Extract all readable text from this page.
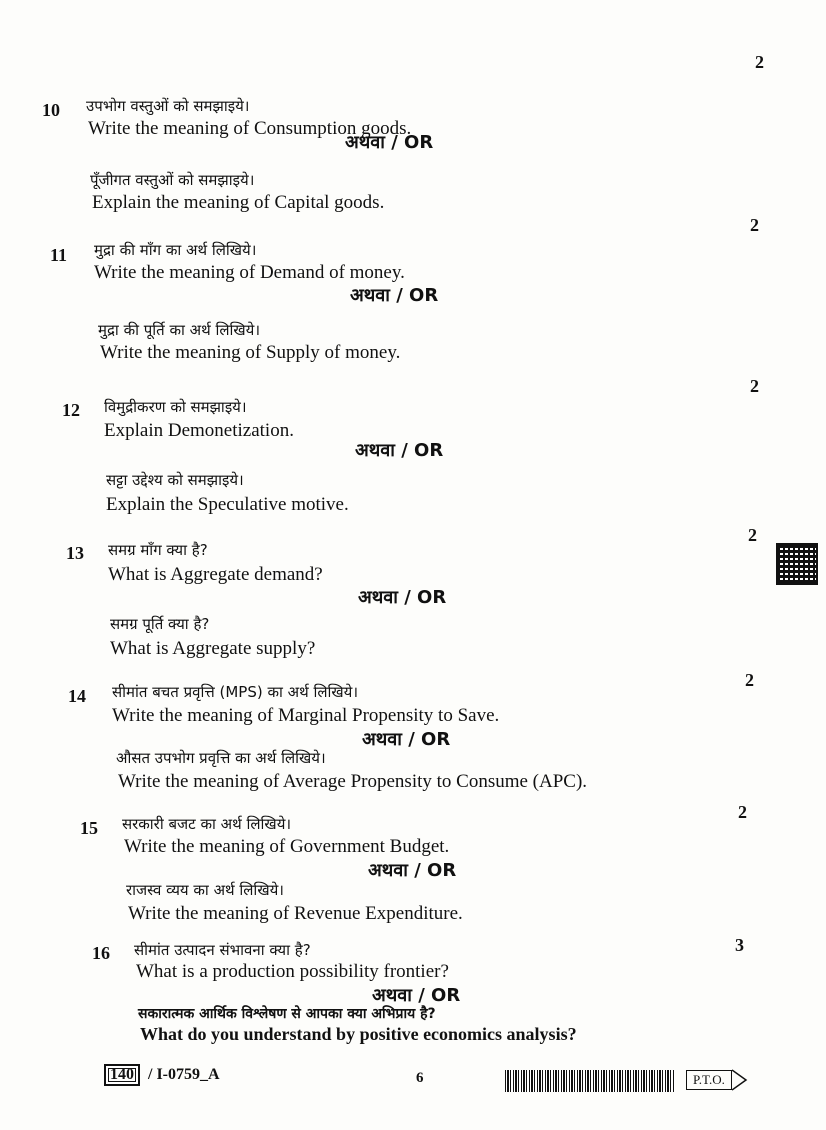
2
10 उपभोग वस्तुओं को समझाइये।
Write the meaning of Consumption goods.
अथवा / OR
पूँजीगत वस्तुओं को समझाइये।
Explain the meaning of Capital goods.
2
11 मुद्रा की माँग का अर्थ लिखिये।
Write the meaning of Demand of money.
अथवा / OR
मुद्रा की पूर्ति का अर्थ लिखिये।
Write the meaning of Supply of money.
2
12 विमुद्रीकरण को समझाइये।
Explain Demonetization.
अथवा / OR
सट्टा उद्देश्य को समझाइये।
Explain the Speculative motive.
2
13 समग्र माँग क्या है?
What is Aggregate demand?
अथवा / OR
समग्र पूर्ति क्या है?
What is Aggregate supply?
2
14 सीमांत बचत प्रवृत्ति (MPS) का अर्थ लिखिये।
Write the meaning of Marginal Propensity to Save.
अथवा / OR
औसत उपभोग प्रवृत्ति का अर्थ लिखिये।
Write the meaning of Average Propensity to Consume (APC).
2
15 सरकारी बजट का अर्थ लिखिये।
Write the meaning of Government Budget.
अथवा / OR
राजस्व व्यय का अर्थ लिखिये।
Write the meaning of Revenue Expenditure.
3
16 सीमांत उत्पादन संभावना क्या है?
What is a production possibility frontier?
अथवा / OR
सकारात्मक आर्थिक विश्लेषण से आपका क्या अभिप्राय है?
What do you understand by positive economics analysis?
140 / I-0759_A	6	P.T.O.
